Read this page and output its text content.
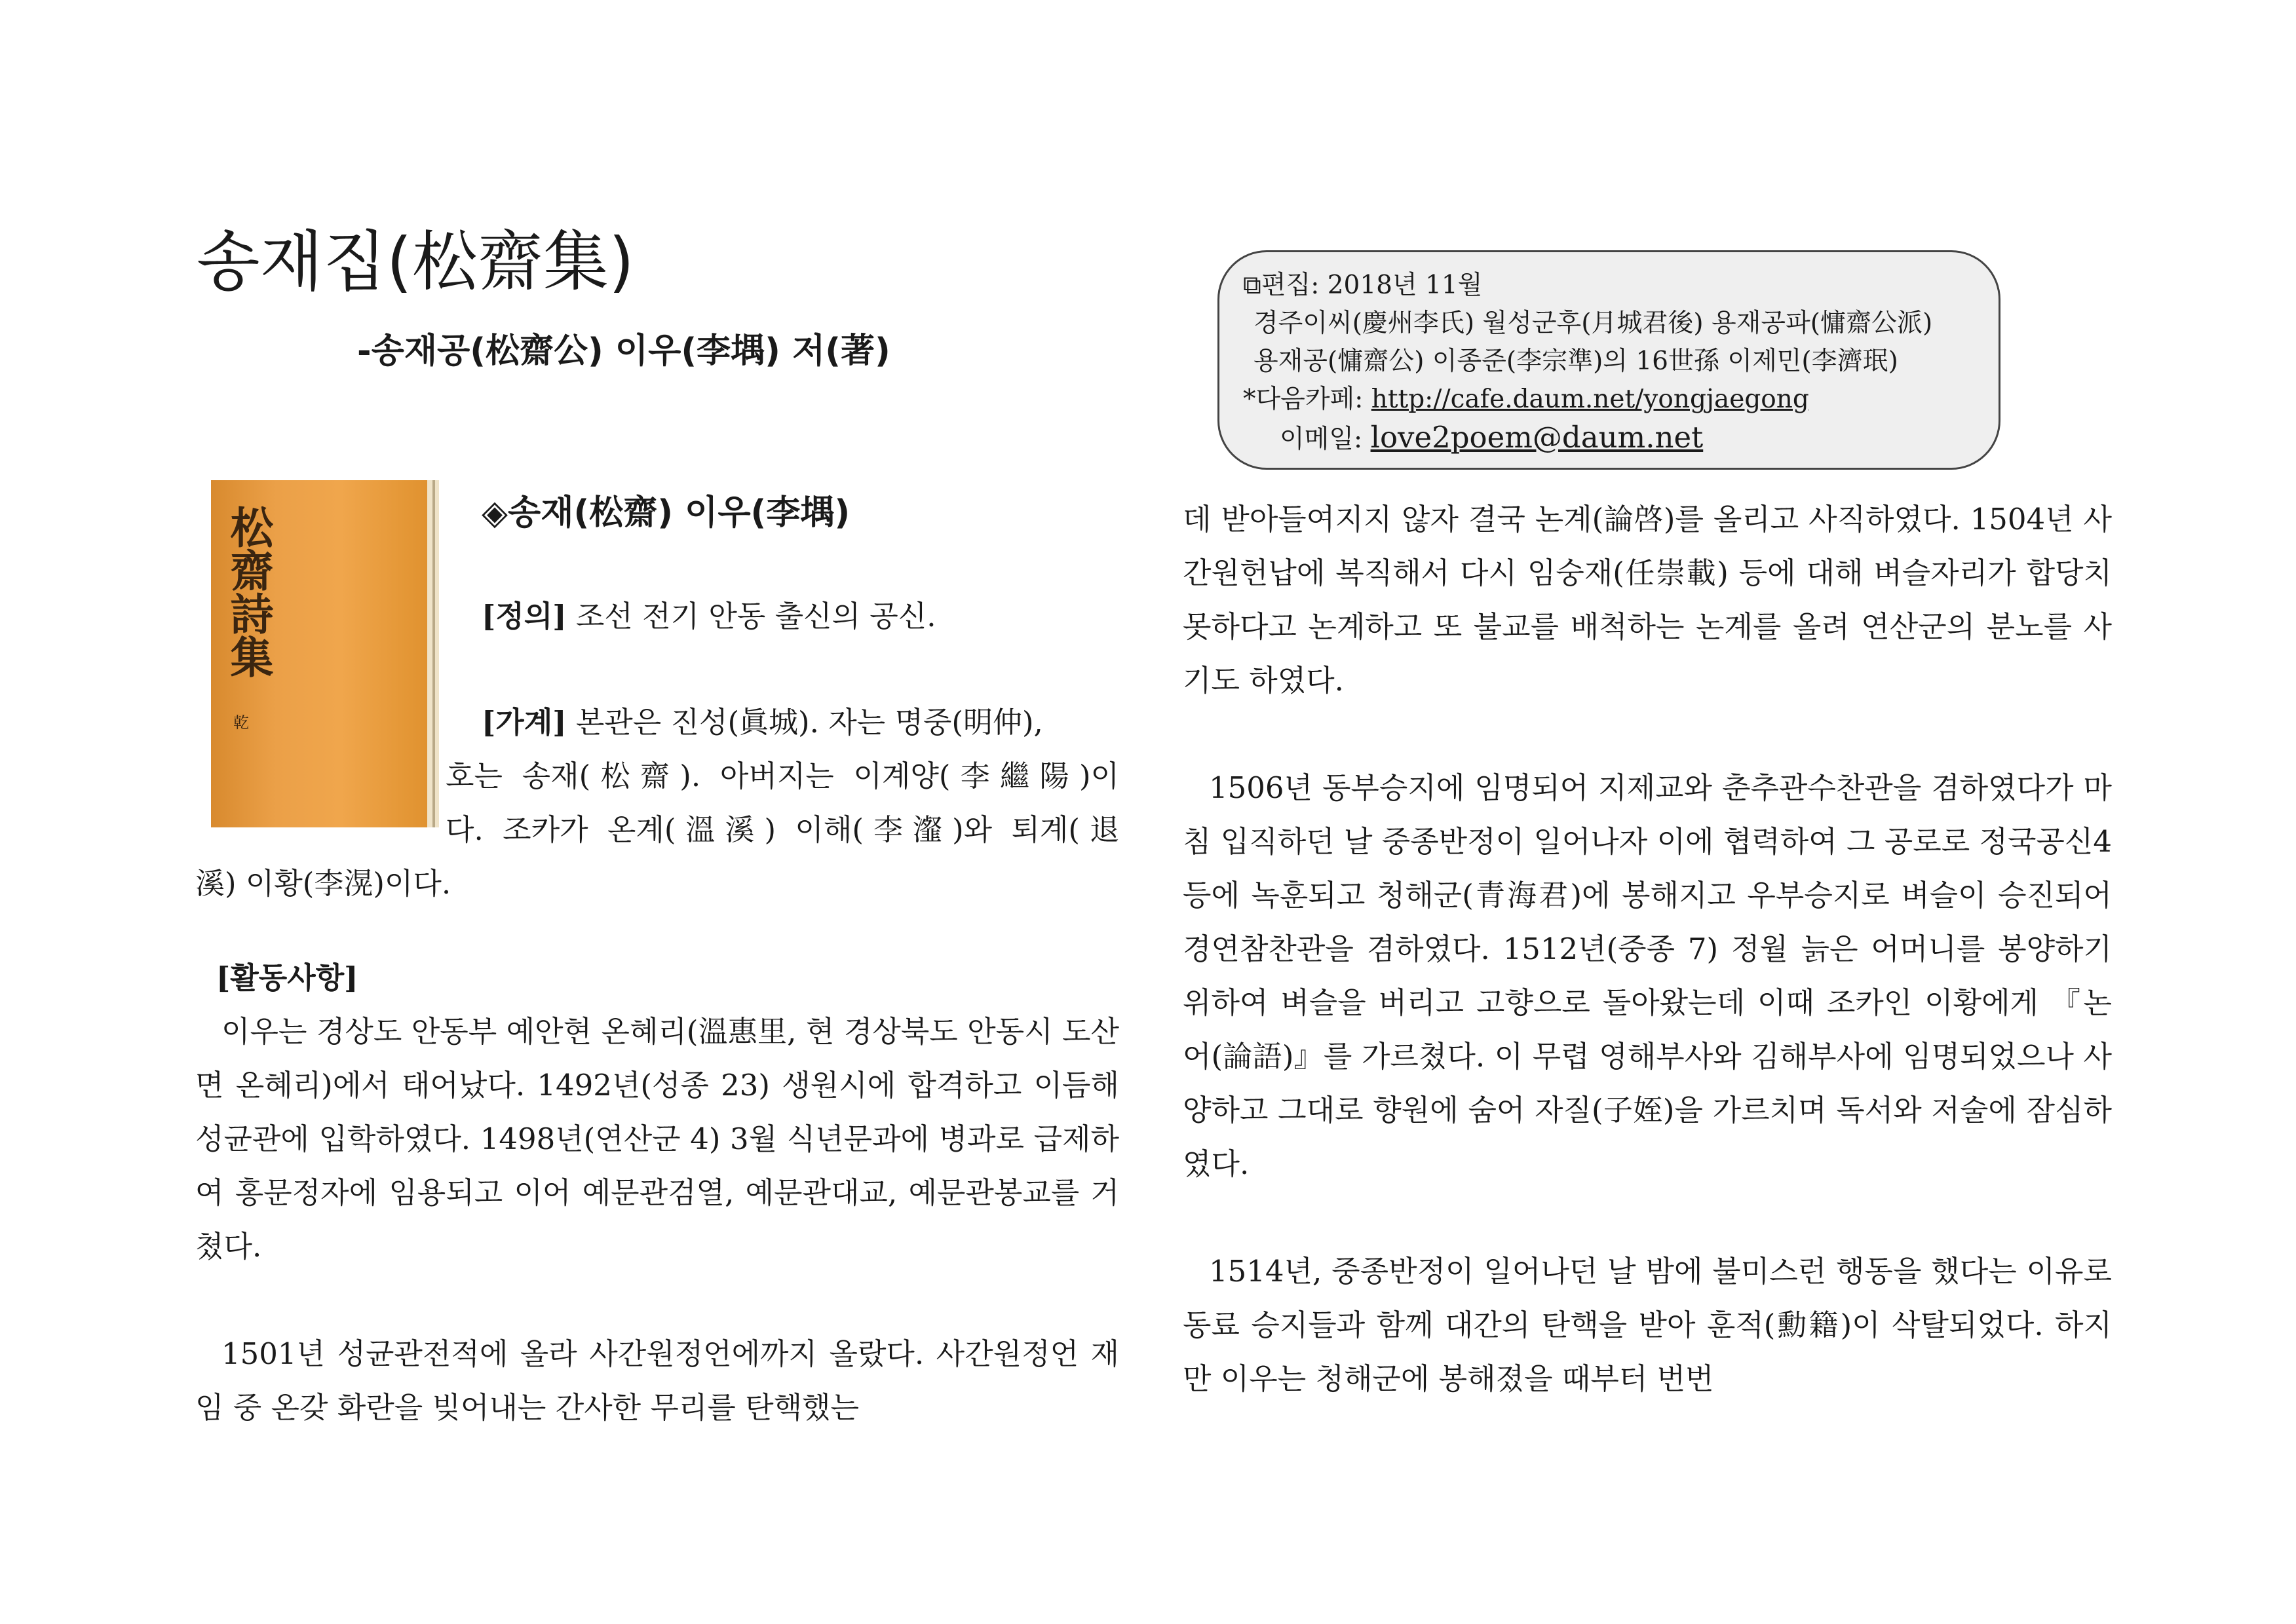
송재집(松齋集)
-송재공(松齋公) 이우(李堣) 저(著)
⧉편집: 2018년 11월
경주이씨(慶州李氏) 월성군후(月城君後) 용재공파(慵齋公派)
용재공(慵齋公) 이종준(李宗準)의 16世孫 이제민(李濟珉)
*다음카페: http://cafe.daum.net/yongjaegong
이메일: love2poem@daum.net
松齋詩集
乾
◈송재(松齋) 이우(李堣)

[정의] 조선 전기 안동 출신의 공신.

[가계] 본관은 진성(眞城). 자는 명중(明仲),

호는 송재(松齋). 아버지는 이계양(李繼陽)이

다. 조카가 온계(溫溪) 이해(李瀣)와 퇴계(退

溪) 이황(李滉)이다.

[활동사항]

이우는 경상도 안동부 예안현 온혜리(溫惠里, 현 경상북도 안동시 도산면 온혜리)에서 태어났다. 1492년(성종 23) 생원시에 합격하고 이듬해 성균관에 입학하였다. 1498년(연산군 4) 3월 식년문과에 병과로 급제하여 홍문정자에 임용되고 이어 예문관검열, 예문관대교, 예문관봉교를 거쳤다.

1501년 성균관전적에 올라 사간원정언에까지 올랐다. 사간원정언 재임 중 온갖 화란을 빚어내는 간사한 무리를 탄핵했는

데 받아들여지지 않자 결국 논계(論啓)를 올리고 사직하였다. 1504년 사간원헌납에 복직해서 다시 임숭재(任崇載) 등에 대해 벼슬자리가 합당치 못하다고 논계하고 또 불교를 배척하는 논계를 올려 연산군의 분노를 사기도 하였다.

1506년 동부승지에 임명되어 지제교와 춘추관수찬관을 겸하였다가 마침 입직하던 날 중종반정이 일어나자 이에 협력하여 그 공로로 정국공신4등에 녹훈되고 청해군(青海君)에 봉해지고 우부승지로 벼슬이 승진되어 경연참찬관을 겸하였다. 1512년(중종 7) 정월 늙은 어머니를 봉양하기 위하여 벼슬을 버리고 고향으로 돌아왔는데 이때 조카인 이황에게 『논어(論語)』를 가르쳤다. 이 무렵 영해부사와 김해부사에 임명되었으나 사양하고 그대로 향원에 숨어 자질(子姪)을 가르치며 독서와 저술에 잠심하였다.

1514년, 중종반정이 일어나던 날 밤에 불미스런 행동을 했다는 이유로 동료 승지들과 함께 대간의 탄핵을 받아 훈적(勳籍)이 삭탈되었다. 하지만 이우는 청해군에 봉해졌을 때부터 번번
